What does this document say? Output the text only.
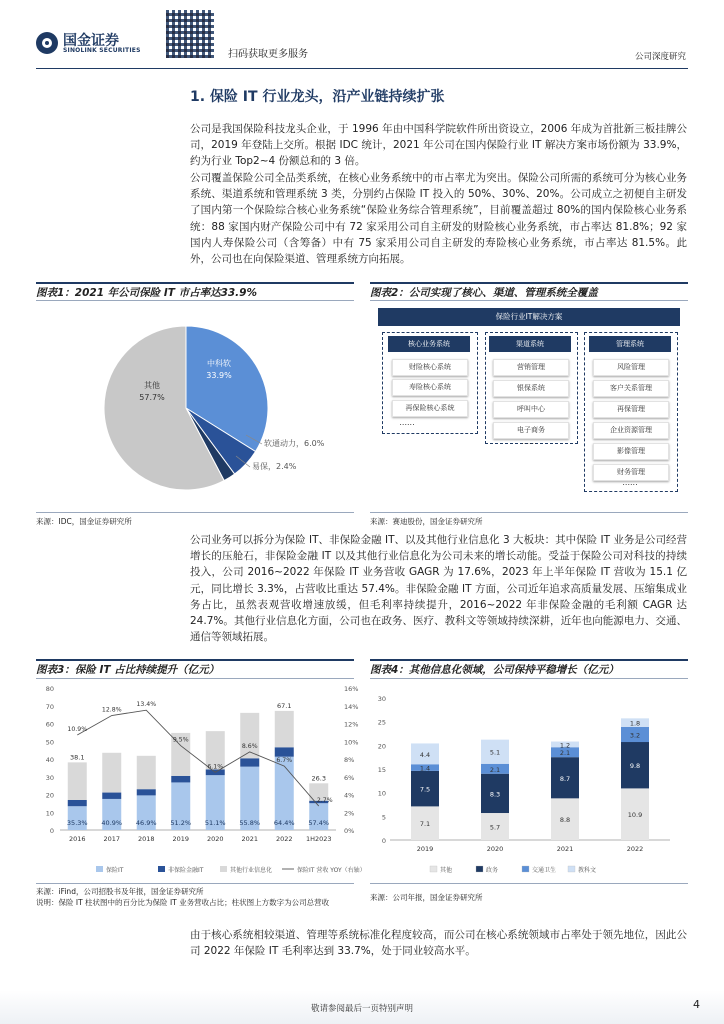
国金证券
SINOLINK SECURITIES	扫码获取更多服务	公司深度研究
1. 保险 IT 行业龙头，沿产业链持续扩张

公司是我国保险科技龙头企业，于 1996 年由中国科学院软件所出资设立，2006 年成为首批新三板挂牌公司，2019 年登陆上交所。根据 IDC 统计，2021 年公司在国内保险行业 IT 解决方案市场份额为 33.9%，约为行业 Top2~4 份额总和的 3 倍。

公司覆盖保险公司全品类系统，在核心业务系统中的市占率尤为突出。保险公司所需的系统可分为核心业务系统、渠道系统和管理系统 3 类，分别约占保险 IT 投入的 50%、30%、20%。公司成立之初便自主研发了国内第一个保险综合核心业务系统“保险业务综合管理系统”，目前覆盖超过 80%的国内保险核心业务系统：88 家国内财产保险公司中有 72 家采用公司自主研发的财险核心业务系统，市占率达 81.8%；92 家国内人寿保险公司（含筹备）中有 75 家采用公司自主研发的寿险核心业务系统，市占率达 81.5%。此外，公司也在向保险渠道、管理系统方向拓展。

图表1：2021 年公司保险 IT 市占率达33.9%	图表2：公司实现了核心、渠道、管理系统全覆盖
中科软
33.9%
其他
57.7%
软通动力，6.0%
易保，2.4%
保险行业IT解决方案
核心业务系统
财险核心系统
寿险核心系统
再保险核心系统
......
渠道系统
营销管理
银保系统
呼叫中心
电子商务
......
管理系统
风险管理
客户关系管理
再保管理
企业资源管理
影像管理
财务管理
......
来源：IDC，国金证券研究所	来源：赛迪股份，国金证券研究所

公司业务可以拆分为保险 IT、非保险金融 IT、以及其他行业信息化 3 大板块：其中保险 IT 业务是公司经营增长的压舱石，非保险金融 IT 以及其他行业信息化为公司未来的增长动能。受益于保险公司对科技的持续投入，公司 2016~2022 年保险 IT 业务营收 GAGR 为 17.6%，2023 年上半年保险 IT 营收为 15.1 亿元，同比增长 3.3%，占营收比重达 57.4%。非保险金融 IT 方面，公司近年追求高质量发展、压缩集成业务占比，虽然表观营收增速放缓，但毛利率持续提升，2016~2022 年非保险金融的毛利额 CAGR 达 24.7%。其他行业信息化方面，公司也在政务、医疗、教科文等领域持续深耕，近年也向能源电力、交通、通信等领域拓展。

图表3：保险 IT 占比持续提升（亿元）	图表4：其他信息化领域，公司保持平稳增长（亿元）
0	0%
10	2%
20	4%
30	6%
40	8%
50	10%
60	12%
70	14%
80	16%
38.1
35.3%
2016
40.9%
2017
46.9%
2018
51.2%
2019
51.1%
2020
55.8%
2021
67.1
64.4%
2022
26.3
57.4%
1H2023
10.9%
12.8%
13.4%
9.5%
6.1%
8.6%
6.7%
2.7%
保险IT	非保险金融IT	其他行业信息化	保险IT 营收 YOY（右轴）
0
5
10
15
20
25
30
7.1
7.5
1.4
4.4
2019
5.7
8.3
2.1
5.1
2020
8.8
8.7
2.1
1.2
2021
10.9
9.8
3.2
1.8
2022
其他	政务	交通卫生	教科文
来源：iFind，公司招股书及年报，国金证券研究所
说明：保险 IT 柱状图中的百分比为保险 IT 业务营收占比；柱状图上方数字为公司总营收
来源：公司年报，国金证券研究所

由于核心系统相较渠道、管理等系统标准化程度较高，而公司在核心系统领域市占率处于领先地位，因此公司 2022 年保险 IT 毛利率达到 33.7%，处于同业较高水平。

敬请参阅最后一页特别声明	4
